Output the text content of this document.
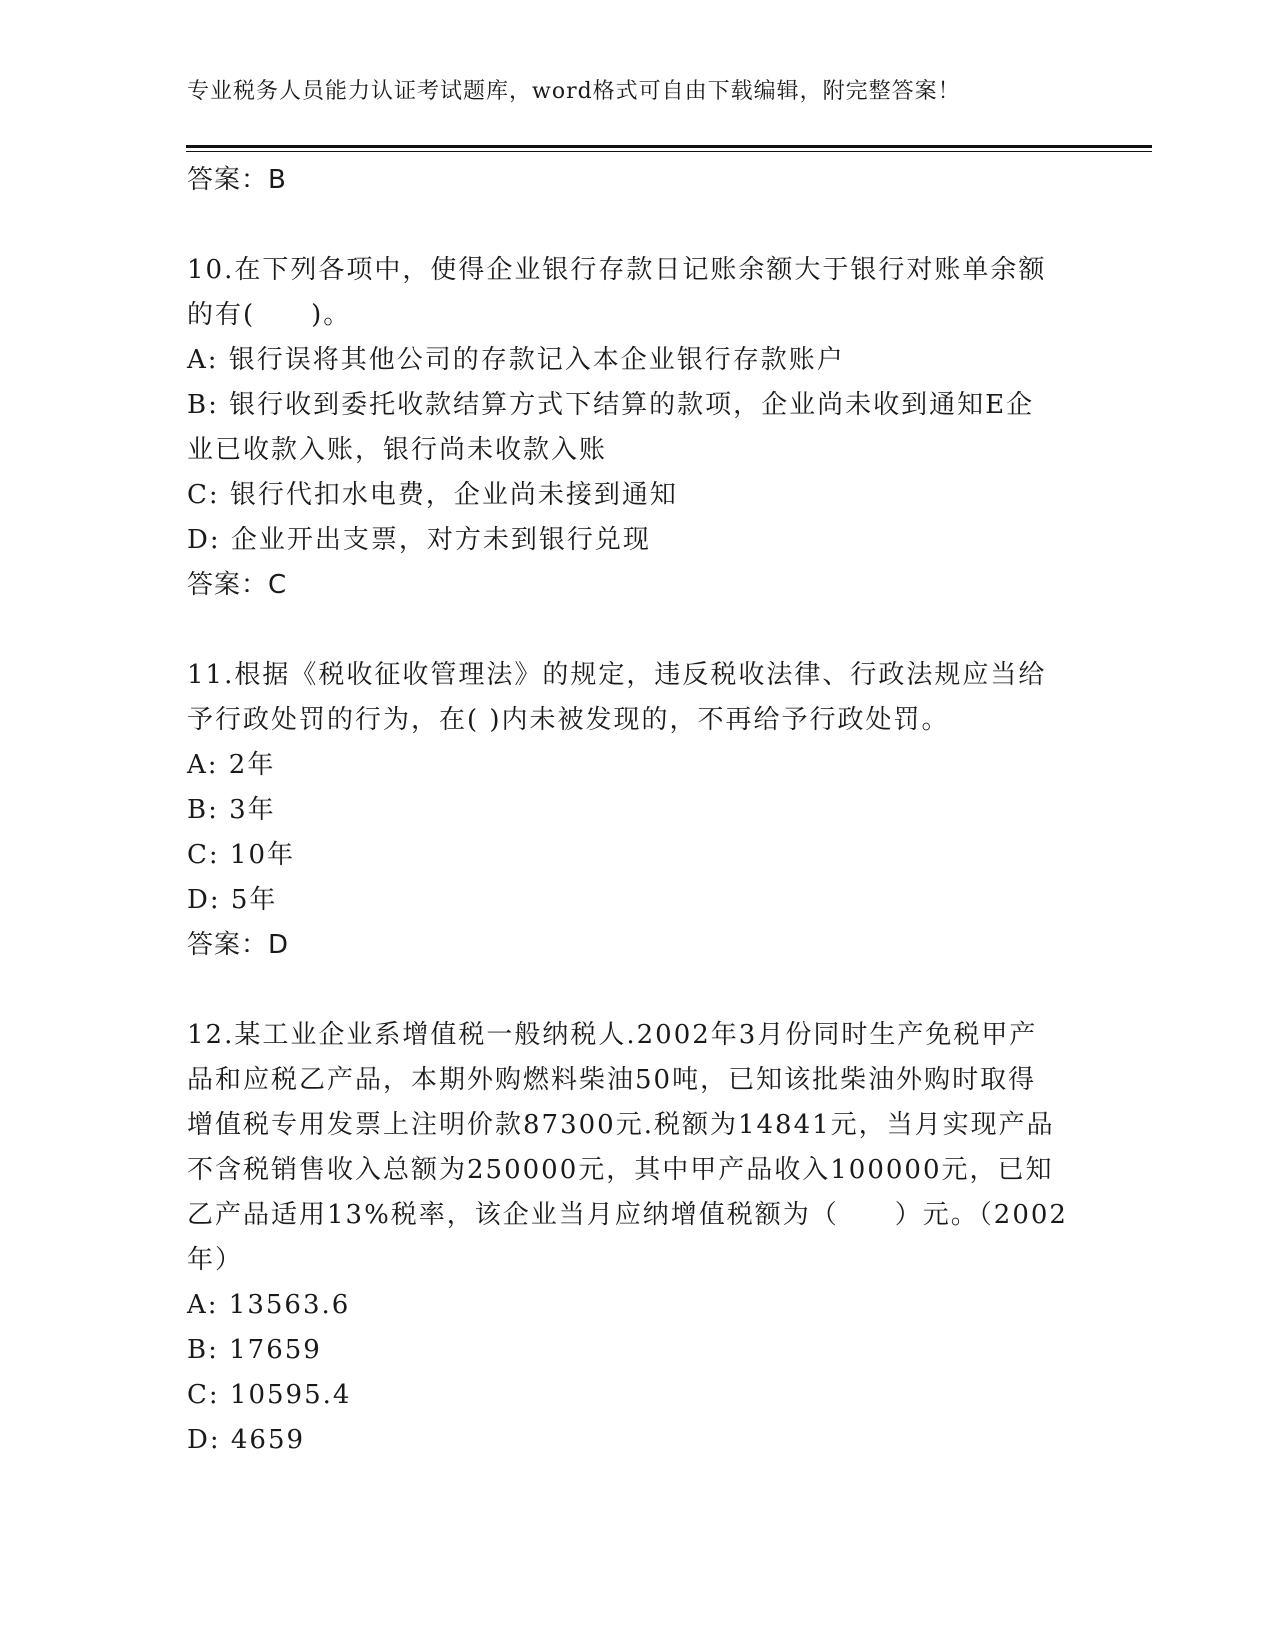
专业税务人员能力认证考试题库，word格式可自由下载编辑，附完整答案！
答案：B
10.在下列各项中，使得企业银行存款日记账余额大于银行对账单余额
的有(　　)。
A: 银行误将其他公司的存款记入本企业银行存款账户
B: 银行收到委托收款结算方式下结算的款项，企业尚未收到通知E企
业已收款入账，银行尚未收款入账
C: 银行代扣水电费，企业尚未接到通知
D: 企业开出支票，对方未到银行兑现
答案：C
11.根据《税收征收管理法》的规定，违反税收法律、行政法规应当给
予行政处罚的行为，在( )内未被发现的，不再给予行政处罚。
A: 2年
B: 3年
C: 10年
D: 5年
答案：D
12.某工业企业系增值税一般纳税人.2002年3月份同时生产免税甲产
品和应税乙产品，本期外购燃料柴油50吨，已知该批柴油外购时取得
增值税专用发票上注明价款87300元.税额为14841元，当月实现产品
不含税销售收入总额为250000元，其中甲产品收入100000元，已知
乙产品适用13%税率，该企业当月应纳增值税额为（　　）元。（2002
年）
A: 13563.6
B: 17659
C: 10595.4
D: 4659
